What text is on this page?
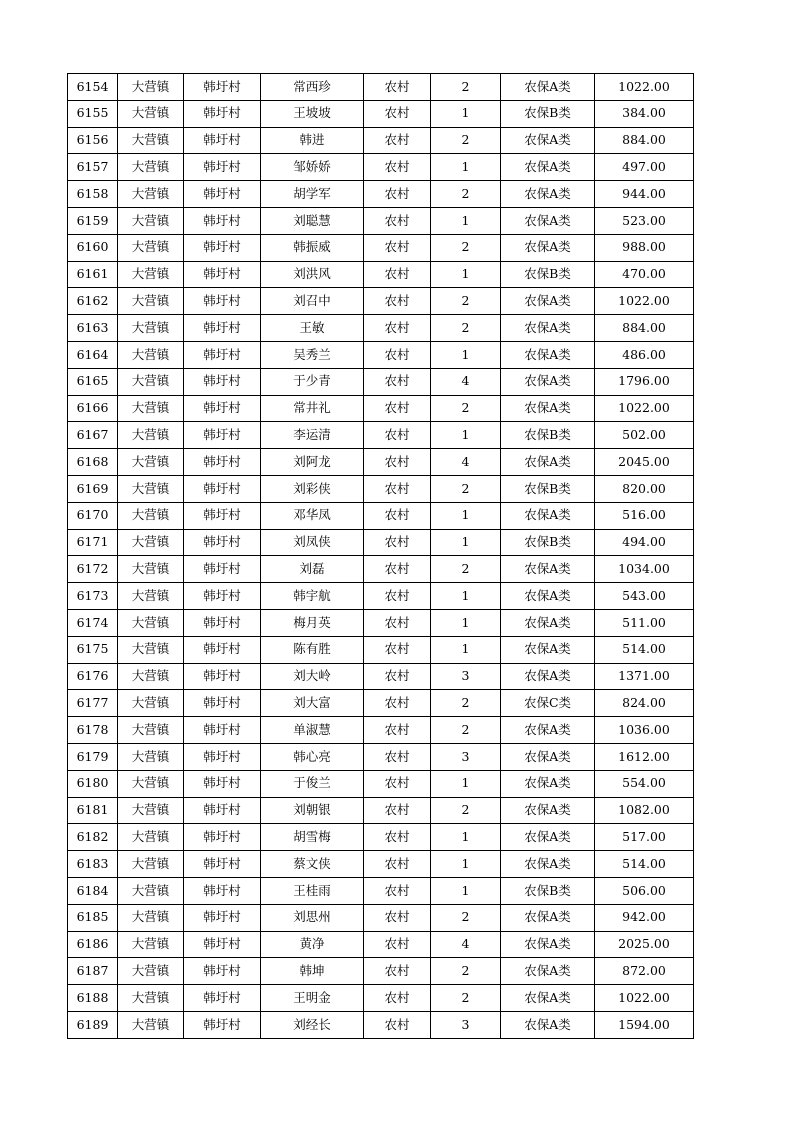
6154	大营镇	韩圩村	常西珍	农村	2	农保A类	1022.00
6155	大营镇	韩圩村	王坡坡	农村	1	农保B类	384.00
6156	大营镇	韩圩村	韩进	农村	2	农保A类	884.00
6157	大营镇	韩圩村	邹娇娇	农村	1	农保A类	497.00
6158	大营镇	韩圩村	胡学军	农村	2	农保A类	944.00
6159	大营镇	韩圩村	刘聪慧	农村	1	农保A类	523.00
6160	大营镇	韩圩村	韩振威	农村	2	农保A类	988.00
6161	大营镇	韩圩村	刘洪风	农村	1	农保B类	470.00
6162	大营镇	韩圩村	刘召中	农村	2	农保A类	1022.00
6163	大营镇	韩圩村	王敏	农村	2	农保A类	884.00
6164	大营镇	韩圩村	吴秀兰	农村	1	农保A类	486.00
6165	大营镇	韩圩村	于少青	农村	4	农保A类	1796.00
6166	大营镇	韩圩村	常井礼	农村	2	农保A类	1022.00
6167	大营镇	韩圩村	李运清	农村	1	农保B类	502.00
6168	大营镇	韩圩村	刘阿龙	农村	4	农保A类	2045.00
6169	大营镇	韩圩村	刘彩侠	农村	2	农保B类	820.00
6170	大营镇	韩圩村	邓华凤	农村	1	农保A类	516.00
6171	大营镇	韩圩村	刘凤侠	农村	1	农保B类	494.00
6172	大营镇	韩圩村	刘磊	农村	2	农保A类	1034.00
6173	大营镇	韩圩村	韩宇航	农村	1	农保A类	543.00
6174	大营镇	韩圩村	梅月英	农村	1	农保A类	511.00
6175	大营镇	韩圩村	陈有胜	农村	1	农保A类	514.00
6176	大营镇	韩圩村	刘大岭	农村	3	农保A类	1371.00
6177	大营镇	韩圩村	刘大富	农村	2	农保C类	824.00
6178	大营镇	韩圩村	单淑慧	农村	2	农保A类	1036.00
6179	大营镇	韩圩村	韩心亮	农村	3	农保A类	1612.00
6180	大营镇	韩圩村	于俊兰	农村	1	农保A类	554.00
6181	大营镇	韩圩村	刘朝银	农村	2	农保A类	1082.00
6182	大营镇	韩圩村	胡雪梅	农村	1	农保A类	517.00
6183	大营镇	韩圩村	蔡文侠	农村	1	农保A类	514.00
6184	大营镇	韩圩村	王桂雨	农村	1	农保B类	506.00
6185	大营镇	韩圩村	刘思州	农村	2	农保A类	942.00
6186	大营镇	韩圩村	黄净	农村	4	农保A类	2025.00
6187	大营镇	韩圩村	韩坤	农村	2	农保A类	872.00
6188	大营镇	韩圩村	王明金	农村	2	农保A类	1022.00
6189	大营镇	韩圩村	刘经长	农村	3	农保A类	1594.00
